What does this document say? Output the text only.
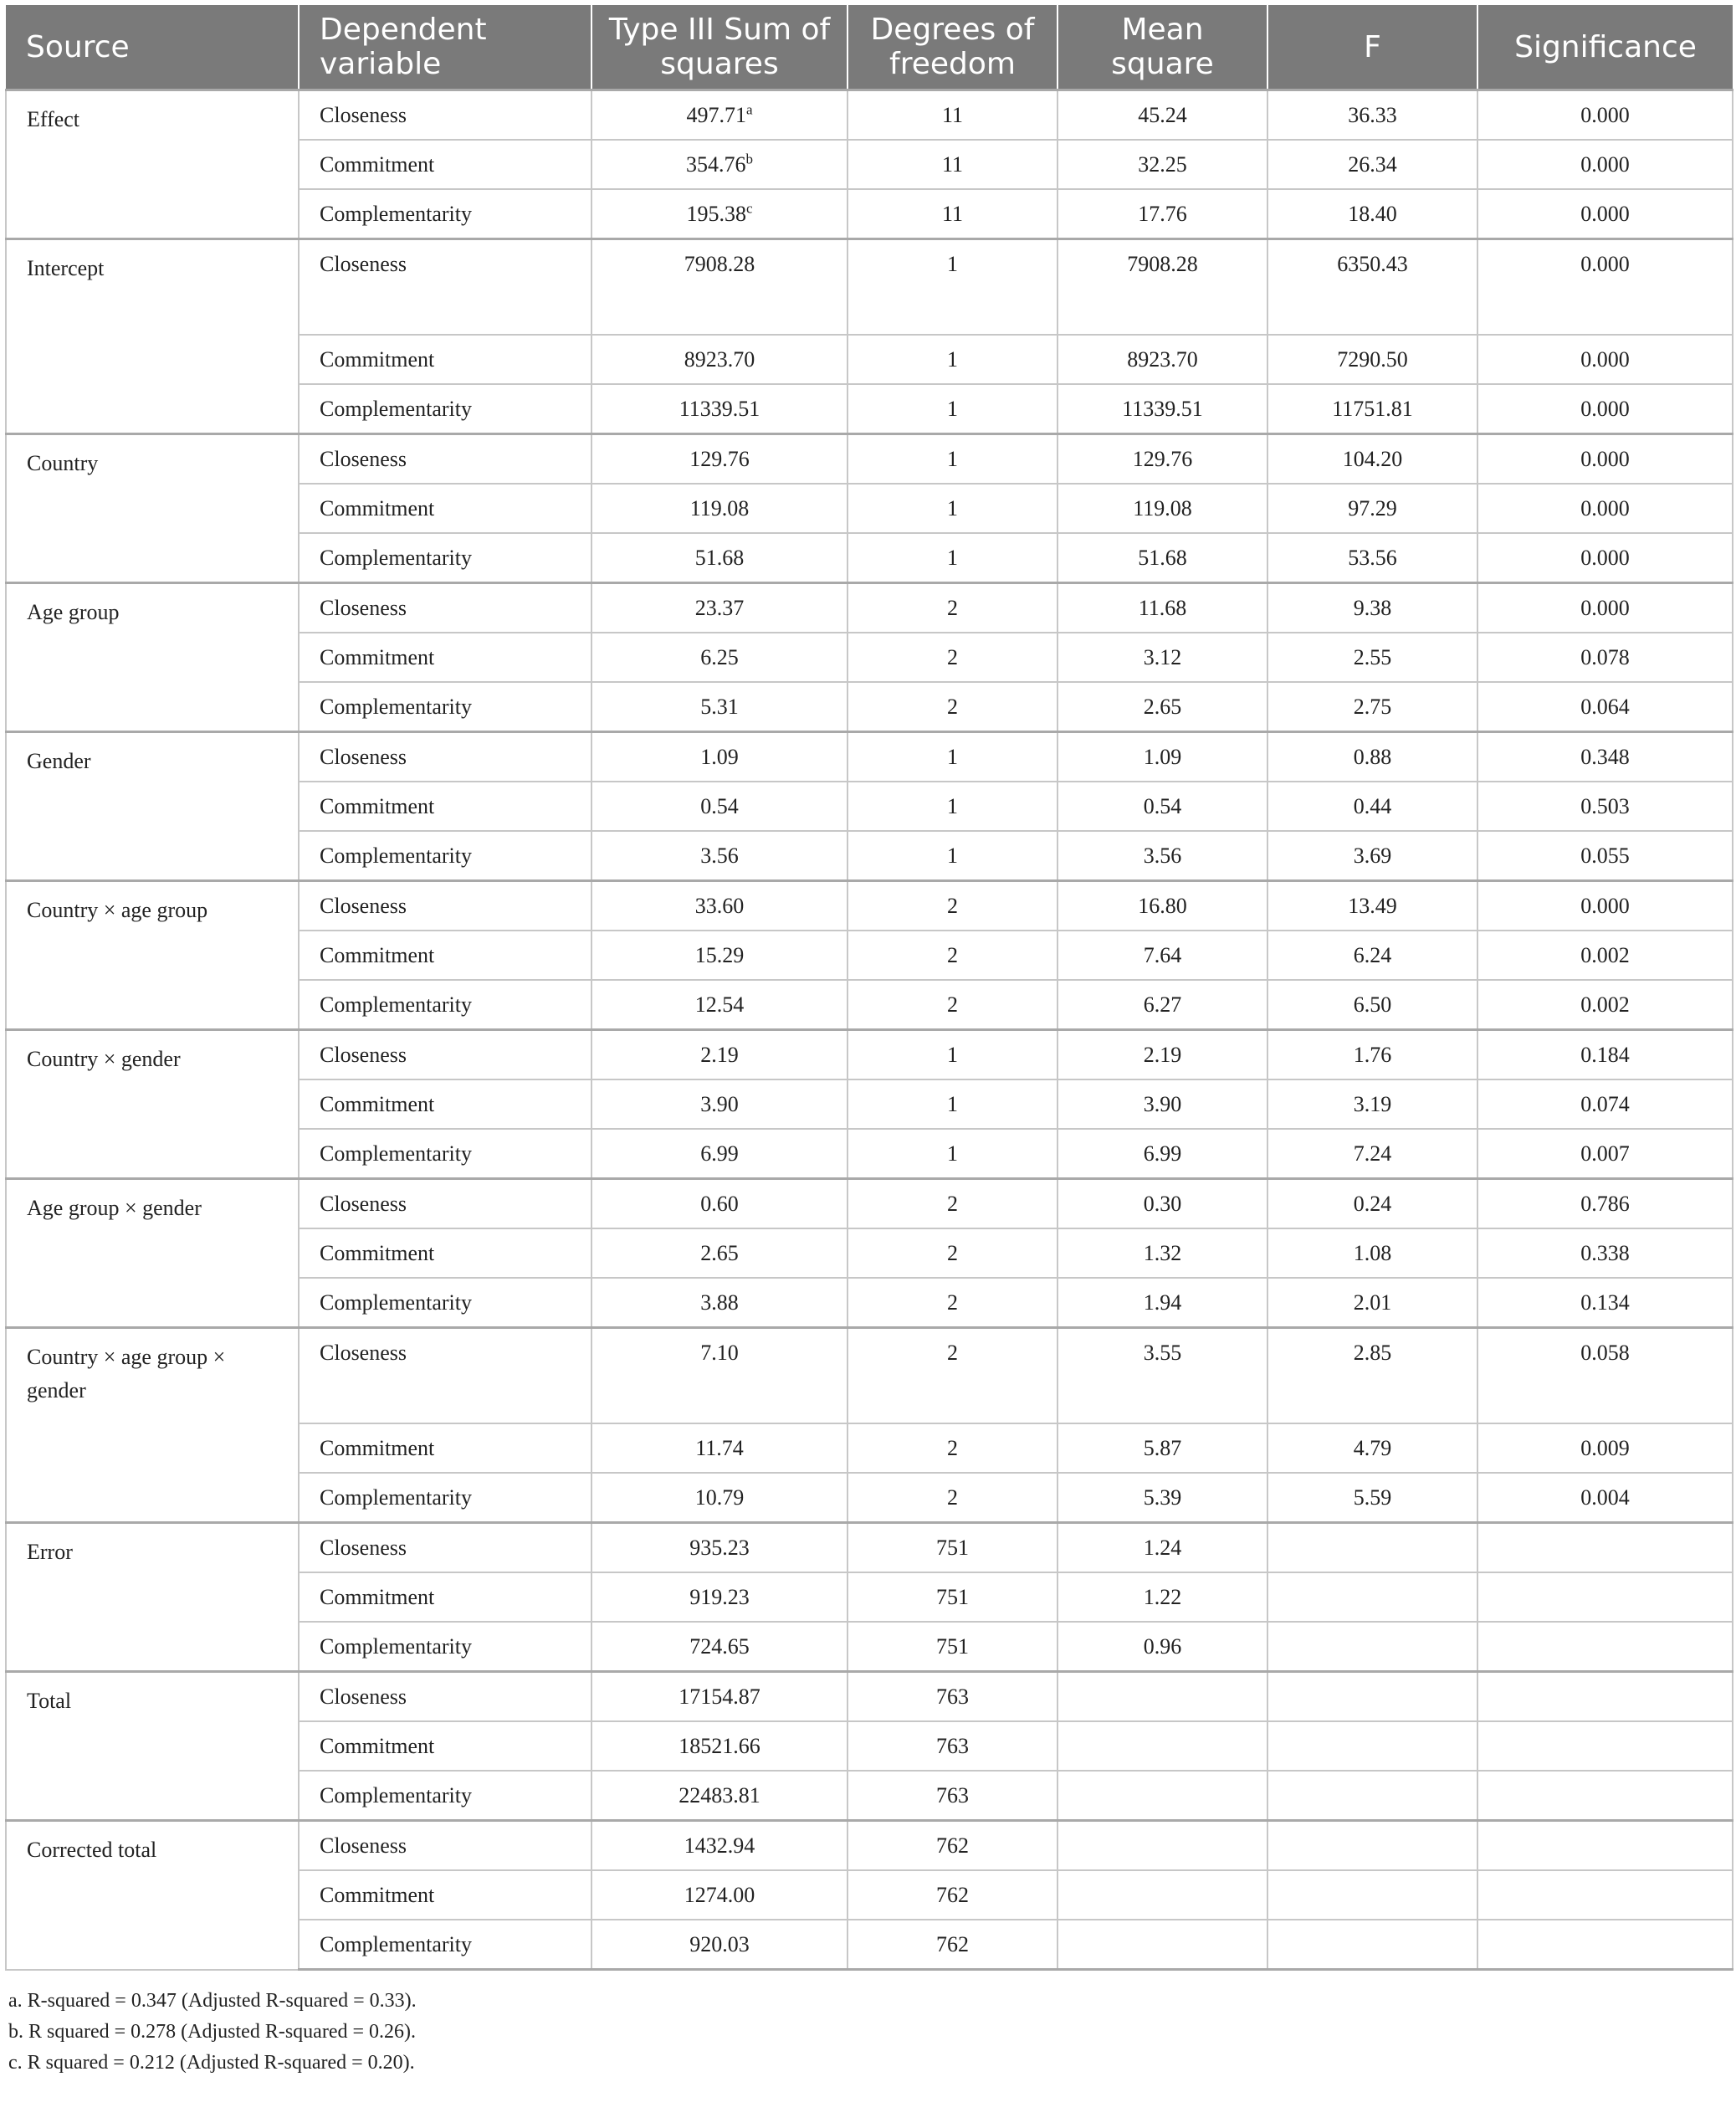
Source	Dependent variable	Type III Sum of squares	Degrees of freedom	Mean square	F	Significance
Effect	Closeness	497.71$^a$	11	45.24	36.33	0.000
	Commitment	354.76$^b$	11	32.25	26.34	0.000
	Complementarity	195.38$^c$	11	17.76	18.40	0.000
Intercept	Closeness	7908.28	1	7908.28	6350.43	0.000
	Commitment	8923.70	1	8923.70	7290.50	0.000
	Complementarity	11339.51	1	11339.51	11751.81	0.000
Country	Closeness	129.76	1	129.76	104.20	0.000
	Commitment	119.08	1	119.08	97.29	0.000
	Complementarity	51.68	1	51.68	53.56	0.000
Age group	Closeness	23.37	2	11.68	9.38	0.000
	Commitment	6.25	2	3.12	2.55	0.078
	Complementarity	5.31	2	2.65	2.75	0.064
Gender	Closeness	1.09	1	1.09	0.88	0.348
	Commitment	0.54	1	0.54	0.44	0.503
	Complementarity	3.56	1	3.56	3.69	0.055
Country × age group	Closeness	33.60	2	16.80	13.49	0.000
	Commitment	15.29	2	7.64	6.24	0.002
	Complementarity	12.54	2	6.27	6.50	0.002
Country × gender	Closeness	2.19	1	2.19	1.76	0.184
	Commitment	3.90	1	3.90	3.19	0.074
	Complementarity	6.99	1	6.99	7.24	0.007
Age group × gender	Closeness	0.60	2	0.30	0.24	0.786
	Commitment	2.65	2	1.32	1.08	0.338
	Complementarity	3.88	2	1.94	2.01	0.134
Country × age group × gender	Closeness	7.10	2	3.55	2.85	0.058
	Commitment	11.74	2	5.87	4.79	0.009
	Complementarity	10.79	2	5.39	5.59	0.004
Error	Closeness	935.23	751	1.24		
	Commitment	919.23	751	1.22		
	Complementarity	724.65	751	0.96		
Total	Closeness	17154.87	763			
	Commitment	18521.66	763			
	Complementarity	22483.81	763			
Corrected total	Closeness	1432.94	762			
	Commitment	1274.00	762			
	Complementarity	920.03	762			
a. R-squared = 0.347 (Adjusted R-squared = 0.33).
b. R squared = 0.278 (Adjusted R-squared = 0.26).
c. R squared = 0.212 (Adjusted R-squared = 0.20).
